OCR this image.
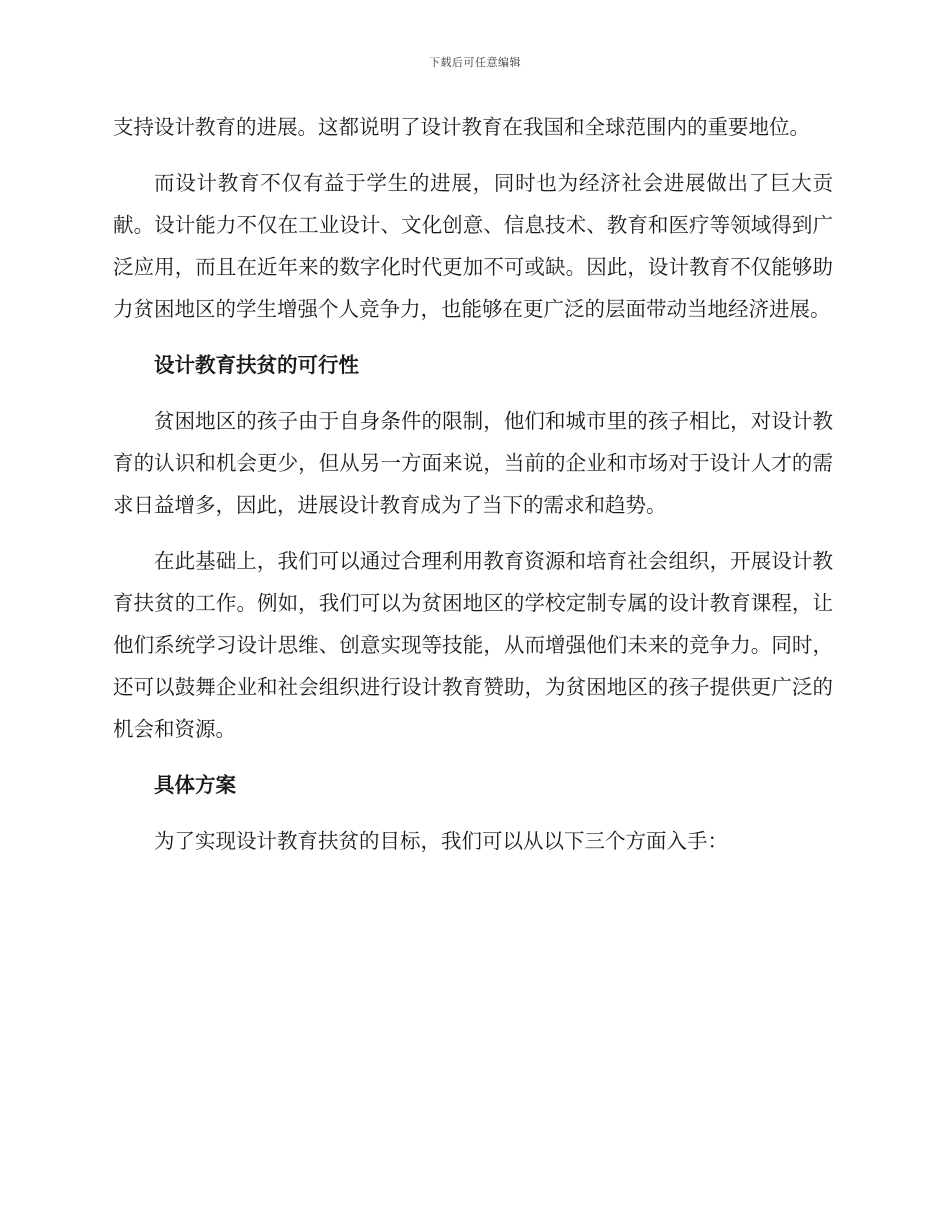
下载后可任意编辑

支持设计教育的进展。这都说明了设计教育在我国和全球范围内的重要地位。

而设计教育不仅有益于学生的进展，同时也为经济社会进展做出了巨大贡献。设计能力不仅在工业设计、文化创意、信息技术、教育和医疗等领域得到广泛应用，而且在近年来的数字化时代更加不可或缺。因此，设计教育不仅能够助力贫困地区的学生增强个人竞争力，也能够在更广泛的层面带动当地经济进展。

设计教育扶贫的可行性

贫困地区的孩子由于自身条件的限制，他们和城市里的孩子相比，对设计教育的认识和机会更少，但从另一方面来说，当前的企业和市场对于设计人才的需求日益增多，因此，进展设计教育成为了当下的需求和趋势。

在此基础上，我们可以通过合理利用教育资源和培育社会组织，开展设计教育扶贫的工作。例如，我们可以为贫困地区的学校定制专属的设计教育课程，让他们系统学习设计思维、创意实现等技能，从而增强他们未来的竞争力。同时，还可以鼓舞企业和社会组织进行设计教育赞助，为贫困地区的孩子提供更广泛的机会和资源。

具体方案

为了实现设计教育扶贫的目标，我们可以从以下三个方面入手：
